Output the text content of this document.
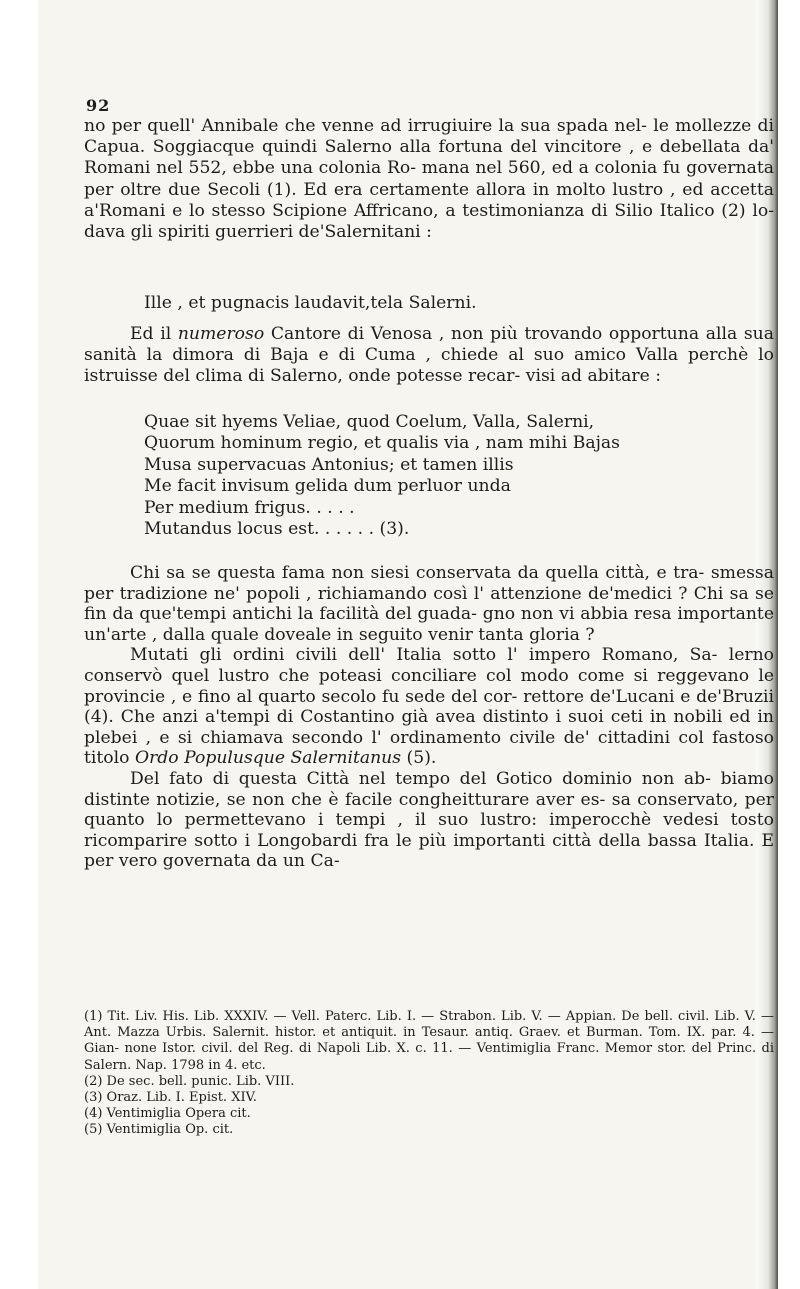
92

no per quell' Annibale che venne ad irrugiuire la sua spada nel- le mollezze di Capua. Soggiacque quindi Salerno alla fortuna del vincitore , e debellata da' Romani nel 552, ebbe una colonia Ro- mana nel 560, ed a colonia fu governata per oltre due Secoli (1). Ed era certamente allora in molto lustro , ed accetta a'Romani e lo stesso Scipione Affricano, a testimonianza di Silio Italico (2) lo- dava gli spiriti guerrieri de'Salernitani :

Ille , et pugnacis laudavit,tela Salerni.
Ed il numeroso Cantore di Venosa , non più trovando opportuna alla sua sanità la dimora di Baja e di Cuma , chiede al suo amico Valla perchè lo istruisse del clima di Salerno, onde potesse recar- visi ad abitare :
Quae sit hyems Veliae, quod Coelum, Valla, Salerni,
Quorum hominum regio, et qualis via , nam mihi Bajas
Musa supervacuas Antonius; et tamen illis
Me facit invisum gelida dum perluor unda
Per medium frigus. . . . .
Mutandus locus est. . . . . . (3).

Chi sa se questa fama non siesi conservata da quella città, e tra- smessa per tradizione ne' popoli , richiamando così l' attenzione de'medici ? Chi sa se fin da que'tempi antichi la facilità del guada- gno non vi abbia resa importante un'arte , dalla quale doveale in seguito venir tanta gloria ?

Mutati gli ordini civili dell' Italia sotto l' impero Romano, Sa- lerno conservò quel lustro che poteasi conciliare col modo come si reggevano le provincie , e fino al quarto secolo fu sede del cor- rettore de'Lucani e de'Bruzii (4). Che anzi a'tempi di Costantino già avea distinto i suoi ceti in nobili ed in plebei , e si chiamava secondo l' ordinamento civile de' cittadini col fastoso titolo Ordo Populusque Salernitanus (5).

Del fato di questa Città nel tempo del Gotico dominio non ab- biamo distinte notizie, se non che è facile congheitturare aver es- sa conservato, per quanto lo permettevano i tempi , il suo lustro: imperocchè vedesi tosto ricomparire sotto i Longobardi fra le più importanti città della bassa Italia. E per vero governata da un Ca-

(1) Tit. Liv. His. Lib. XXXIV. — Vell. Paterc. Lib. I. — Strabon. Lib. V. — Appian. De bell. civil. Lib. V. — Ant. Mazza Urbis. Salernit. histor. et antiquit. in Tesaur. antiq. Graev. et Burman. Tom. IX. par. 4. — Gian- none Istor. civil. del Reg. di Napoli Lib. X. c. 11. — Ventimiglia Franc. Memor stor. del Princ. di Salern. Nap. 1798 in 4. etc.
(2) De sec. bell. punic. Lib. VIII.
(3) Oraz. Lib. I. Epist. XIV.
(4) Ventimiglia Opera cit.
(5) Ventimiglia Op. cit.
